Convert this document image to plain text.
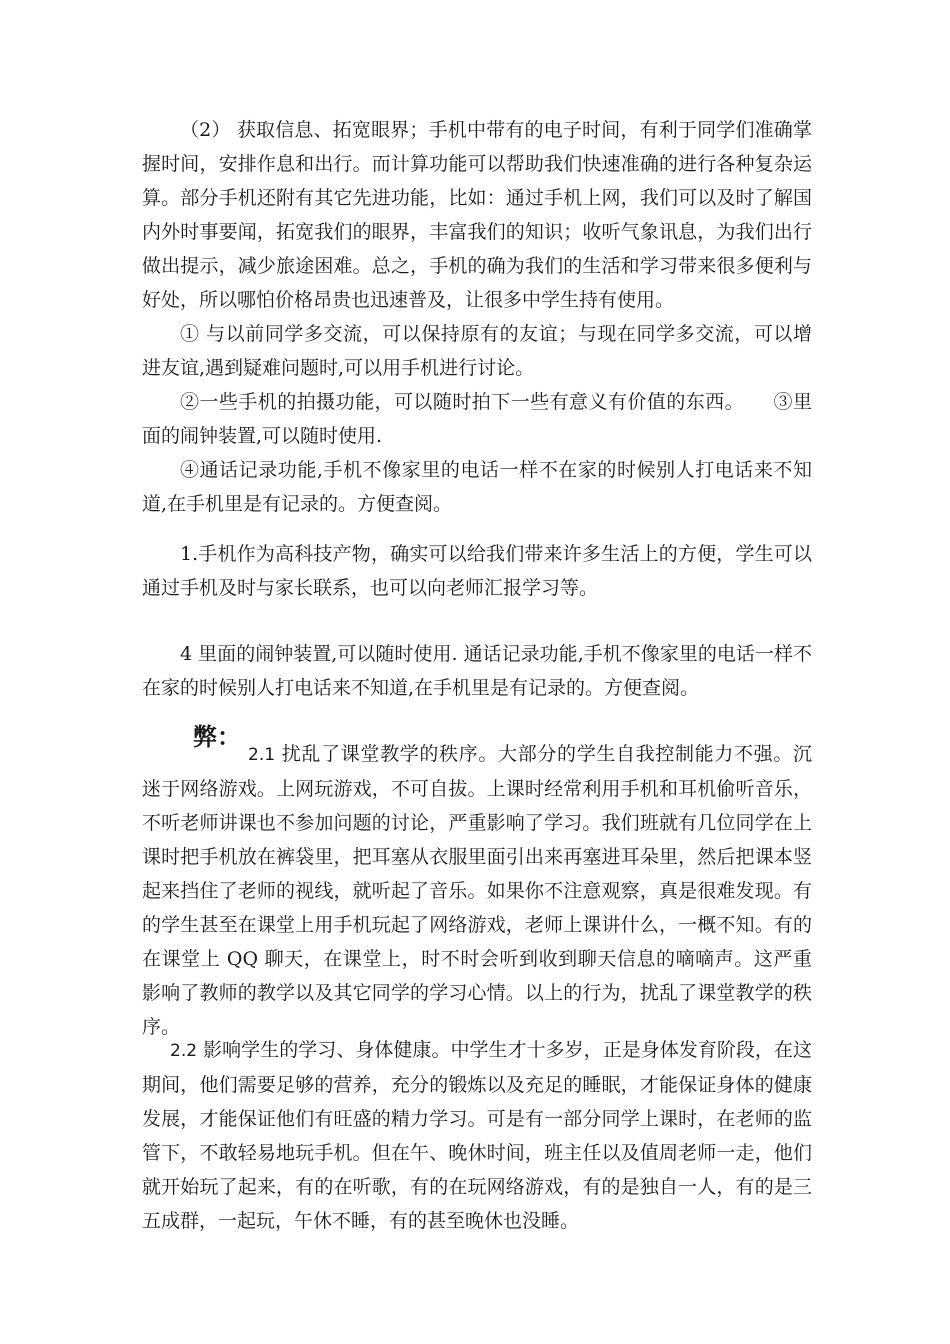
（2） 获取信息、拓宽眼界；手机中带有的电子时间，有利于同学们准确掌握时间，安排作息和出行。而计算功能可以帮助我们快速准确的进行各种复杂运算。部分手机还附有其它先进功能，比如：通过手机上网，我们可以及时了解国内外时事要闻，拓宽我们的眼界，丰富我们的知识；收听气象讯息，为我们出行做出提示，减少旅途困难。总之，手机的确为我们的生活和学习带来很多便利与好处，所以哪怕价格昂贵也迅速普及，让很多中学生持有使用。

① 与以前同学多交流，可以保持原有的友谊；与现在同学多交流，可以增进友谊,遇到疑难问题时,可以用手机进行讨论。

②一些手机的拍摄功能，可以随时拍下一些有意义有价值的东西。　　③里面的闹钟装置,可以随时使用.

④通话记录功能,手机不像家里的电话一样不在家的时候别人打电话来不知道,在手机里是有记录的。方便查阅。

1.手机作为高科技产物，确实可以给我们带来许多生活上的方便，学生可以通过手机及时与家长联系，也可以向老师汇报学习等。

4 里面的闹钟装置,可以随时使用. 通话记录功能,手机不像家里的电话一样不在家的时候别人打电话来不知道,在手机里是有记录的。方便查阅。

弊：

2.1 扰乱了课堂教学的秩序。大部分的学生自我控制能力不强。沉迷于网络游戏。上网玩游戏，不可自拔。上课时经常利用手机和耳机偷听音乐，不听老师讲课也不参加问题的讨论，严重影响了学习。我们班就有几位同学在上课时把手机放在裤袋里，把耳塞从衣服里面引出来再塞进耳朵里，然后把课本竖起来挡住了老师的视线，就听起了音乐。如果你不注意观察，真是很难发现。有的学生甚至在课堂上用手机玩起了网络游戏，老师上课讲什么，一概不知。有的在课堂上 QQ 聊天，在课堂上，时不时会听到收到聊天信息的嘀嘀声。这严重影响了教师的教学以及其它同学的学习心情。以上的行为，扰乱了课堂教学的秩序。

2.2 影响学生的学习、身体健康。中学生才十多岁，正是身体发育阶段，在这期间，他们需要足够的营养，充分的锻炼以及充足的睡眠，才能保证身体的健康发展，才能保证他们有旺盛的精力学习。可是有一部分同学上课时，在老师的监管下，不敢轻易地玩手机。但在午、晚休时间，班主任以及值周老师一走，他们就开始玩了起来，有的在听歌，有的在玩网络游戏，有的是独自一人，有的是三五成群，一起玩，午休不睡，有的甚至晚休也没睡。
